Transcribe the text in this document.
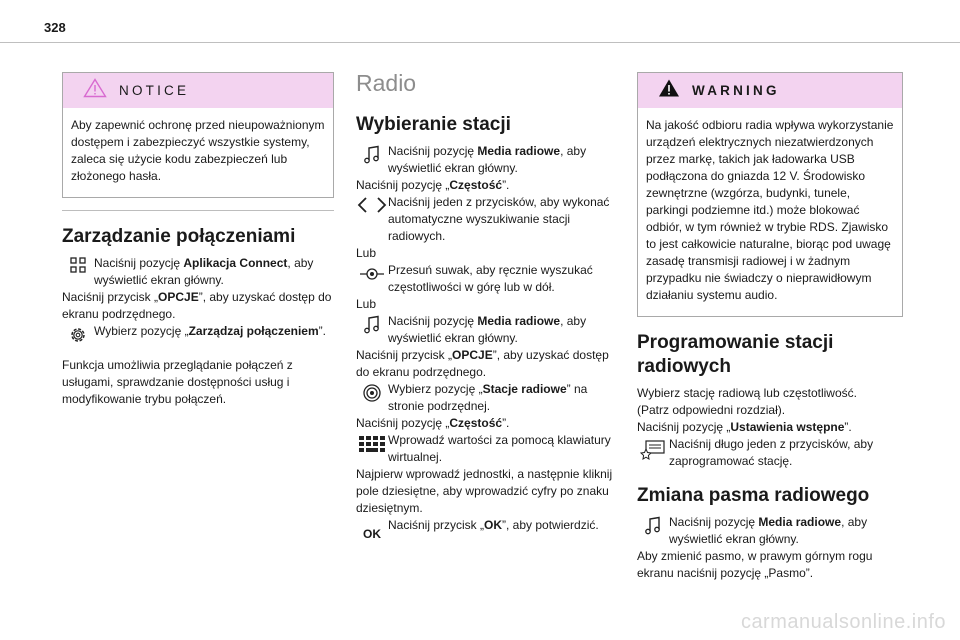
328
NOTICE
Aby zapewnić ochronę przed nieupoważnionym dostępem i zabezpieczyć wszystkie systemy, zaleca się użycie kodu zabezpieczeń lub złożonego hasła.
Zarządzanie połączeniami

Naciśnij pozycję Aplikacja Connect, aby wyświetlić ekran główny.

Naciśnij przycisk „OPCJE”, aby uzyskać dostęp do ekranu podrzędnego.

Wybierz pozycję „Zarządzaj połączeniem”.

Funkcja umożliwia przeglądanie połączeń z usługami, sprawdzanie dostępności usług i modyfikowanie trybu połączeń.

Radio
Wybieranie stacji

Naciśnij pozycję Media radiowe, aby wyświetlić ekran główny.

Naciśnij pozycję „Częstość”.

Naciśnij jeden z przycisków, aby wykonać automatyczne wyszukiwanie stacji radiowych.

Lub

Przesuń suwak, aby ręcznie wyszukać częstotliwości w górę lub w dół.

Lub

Naciśnij pozycję Media radiowe, aby wyświetlić ekran główny.

Naciśnij przycisk „OPCJE”, aby uzyskać dostęp do ekranu podrzędnego.

Wybierz pozycję „Stacje radiowe” na stronie podrzędnej.

Naciśnij pozycję „Częstość”.

Wprowadź wartości za pomocą klawiatury wirtualnej.

Najpierw wprowadź jednostki, a następnie kliknij pole dziesiętne, aby wprowadzić cyfry po znaku dziesiętnym.

OK

Naciśnij przycisk „OK”, aby potwierdzić.

WARNING
Na jakość odbioru radia wpływa wykorzystanie urządzeń elektrycznych niezatwierdzonych przez markę, takich jak ładowarka USB podłączona do gniazda 12 V. Środowisko zewnętrzne (wzgórza, budynki, tunele, parkingi podziemne itd.) może blokować odbiór, w tym również w trybie RDS. Zjawisko to jest całkowicie naturalne, biorąc pod uwagę zasadę transmisji radiowej i w żadnym przypadku nie świadczy o nieprawidłowym działaniu systemu audio.
Programowanie stacji radiowych

Wybierz stację radiową lub częstotliwość.

(Patrz odpowiedni rozdział).

Naciśnij pozycję „Ustawienia wstępne”.

Naciśnij długo jeden z przycisków, aby zaprogramować stację.

Zmiana pasma radiowego

Naciśnij pozycję Media radiowe, aby wyświetlić ekran główny.

Aby zmienić pasmo, w prawym górnym rogu ekranu naciśnij pozycję „Pasmo”.

carmanualsonline.info
